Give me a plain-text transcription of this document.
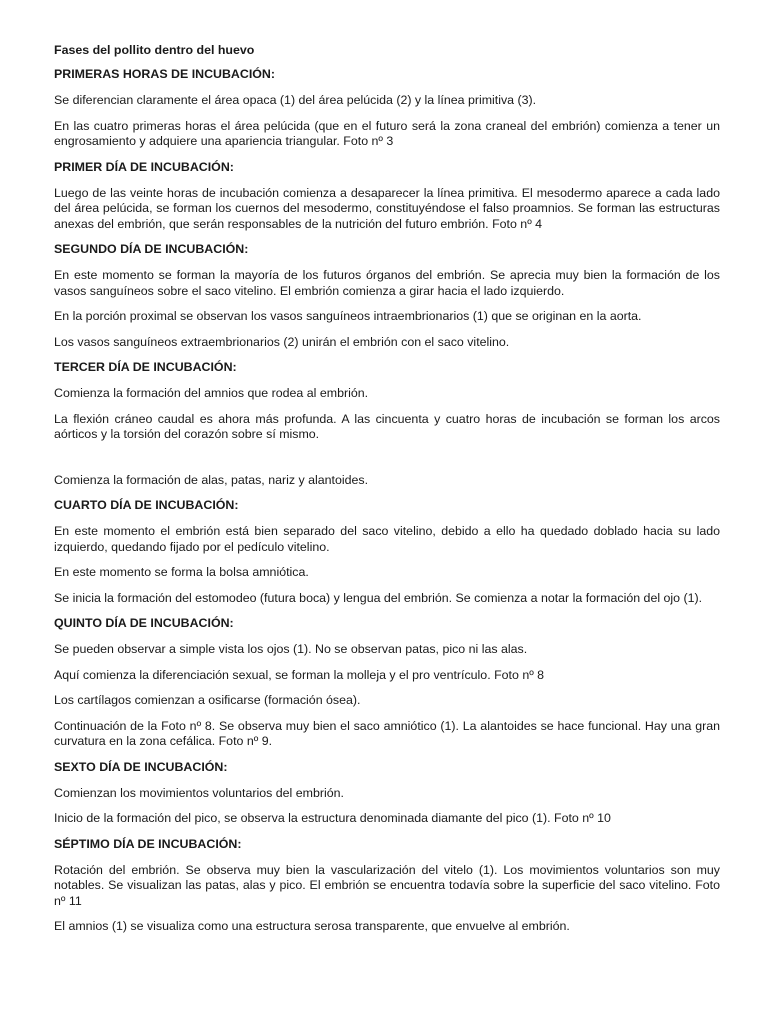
Fases del pollito dentro del huevo
PRIMERAS HORAS DE INCUBACIÓN:

Se diferencian claramente el área opaca (1) del área pelúcida (2) y la línea primitiva (3).

En las cuatro primeras horas el área pelúcida (que en el futuro será la zona craneal del embrión) comienza a tener un engrosamiento y adquiere una apariencia triangular. Foto nº 3

PRIMER DÍA DE INCUBACIÓN:

Luego de las veinte horas de incubación comienza a desaparecer la línea primitiva. El mesodermo aparece a cada lado del área pelúcida, se forman los cuernos del mesodermo, constituyéndose el falso proamnios. Se forman las estructuras anexas del embrión, que serán responsables de la nutrición del futuro embrión. Foto nº 4

SEGUNDO DÍA DE INCUBACIÓN:

En este momento se forman la mayoría de los futuros órganos del embrión. Se aprecia muy bien la formación de los vasos sanguíneos sobre el saco vitelino. El embrión comienza a girar hacia el lado izquierdo.

En la porción proximal se observan los vasos sanguíneos intraembrionarios (1) que se originan en la aorta.

Los vasos sanguíneos extraembrionarios (2) unirán el embrión con el saco vitelino.

TERCER DÍA DE INCUBACIÓN:

Comienza la formación del amnios que rodea al embrión.

La flexión cráneo caudal es ahora más profunda. A las cincuenta y cuatro horas de incubación se forman los arcos aórticos y la torsión del corazón sobre sí mismo.

Comienza la formación de alas, patas, nariz y alantoides.

CUARTO DÍA DE INCUBACIÓN:

En este momento el embrión está bien separado del saco vitelino, debido a ello ha quedado doblado hacia su lado izquierdo, quedando fijado por el pedículo vitelino.

En este momento se forma la bolsa amniótica.

Se inicia la formación del estomodeo (futura boca) y lengua del embrión. Se comienza a notar la formación del ojo (1).

QUINTO DÍA DE INCUBACIÓN:

Se pueden observar a simple vista los ojos (1). No se observan patas, pico ni las alas.

Aquí comienza la diferenciación sexual, se forman la molleja y el pro ventrículo. Foto nº 8

Los cartílagos comienzan a osificarse (formación ósea).

Continuación de la Foto nº 8. Se observa muy bien el saco amniótico (1). La alantoides se hace funcional. Hay una gran curvatura en la zona cefálica. Foto nº 9.

SEXTO DÍA DE INCUBACIÓN:

Comienzan los movimientos voluntarios del embrión.

Inicio de la formación del pico, se observa la estructura denominada diamante del pico (1). Foto nº 10

SÉPTIMO DÍA DE INCUBACIÓN:

Rotación del embrión. Se observa muy bien la vascularización del vitelo (1). Los movimientos voluntarios son muy notables. Se visualizan las patas, alas y pico. El embrión se encuentra todavía sobre la superficie del saco vitelino. Foto nº 11

El amnios (1) se visualiza como una estructura serosa transparente, que envuelve al embrión.
